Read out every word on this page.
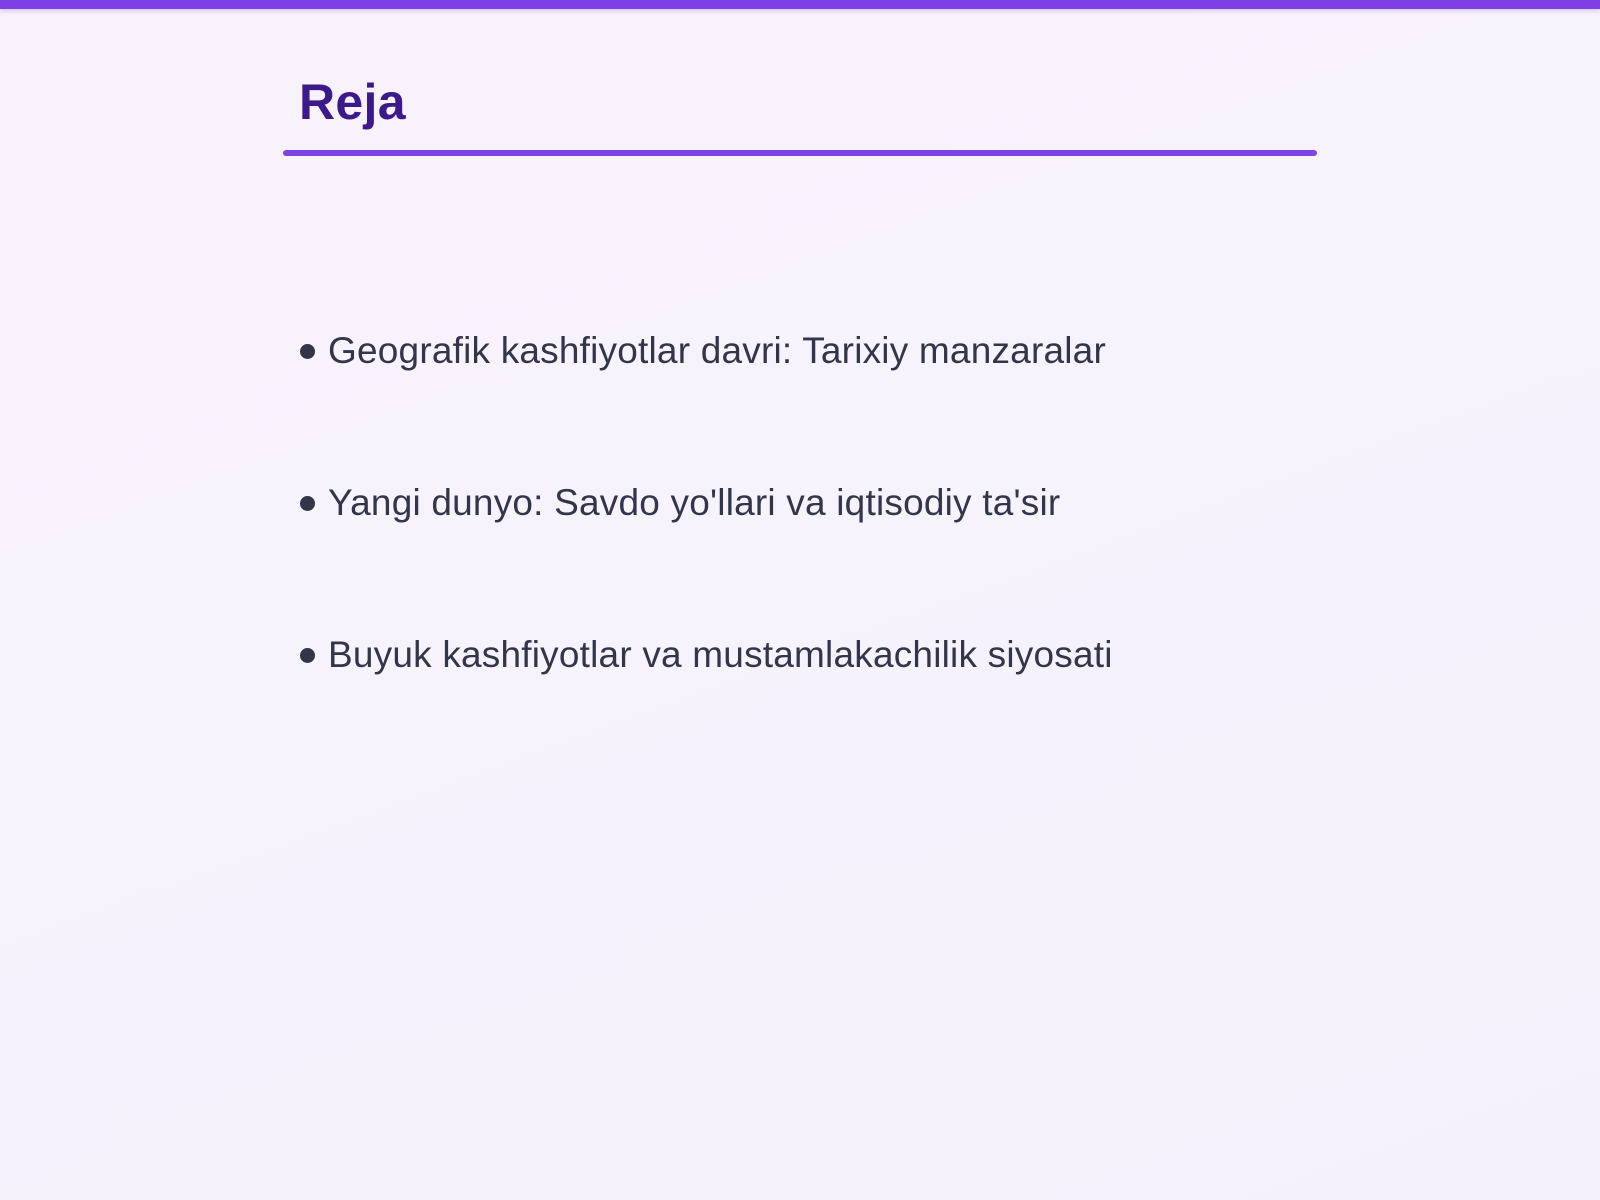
Reja
Geografik kashfiyotlar davri: Tarixiy manzaralar
Yangi dunyo: Savdo yo'llari va iqtisodiy ta'sir
Buyuk kashfiyotlar va mustamlakachilik siyosati
